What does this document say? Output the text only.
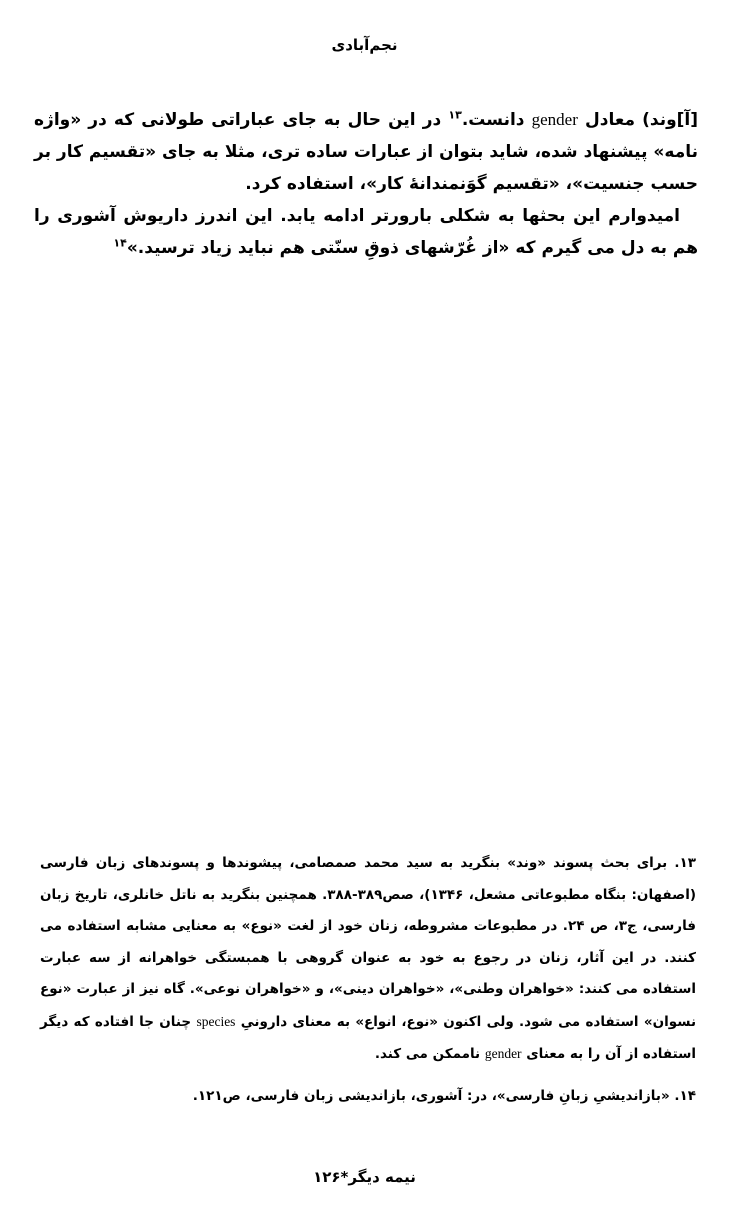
نجم‌آبادی

[آ]وند) معادل gender دانست.$^{۱۳}$ در این حال به جای عباراتی طولانی که در «واژه نامه» پیشنهاد شده، شاید بتوان از عبارات ساده تری، مثلا به جای «تقسیم کار بر حسب جنسیت»، «تقسیم گوَنمندانهٔ کار»، استفاده کرد.

امیدوارم این بحثها به شکلی بارورتر ادامه یابد. این اندرز داریوش آشوری را هم به دل می گیرم که «از غُرّشهای ذوقِ سنّتی هم نباید زیاد ترسید.»$^{۱۴}$

۱۳. برای بحث پسوند «وند» بنگرید به سید محمد صمصامی، پیشوندها و پسوندهای زبان فارسی (اصفهان: بنگاه مطبوعاتی مشعل، ۱۳۴۶)، صص۳۸۹-۳۸۸. همچنین بنگرید به ناتل خانلری، تاریخ زبان فارسی، ج۳، ص ۲۴. در مطبوعات مشروطه، زنان خود از لغت «نوع» به معنایی مشابه استفاده می کنند. در این آثار، زنان در رجوع به خود به عنوان گروهی با همبستگی خواهرانه از سه عبارت استفاده می کنند: «خواهران وطنی»، «خواهران دینی»، و «خواهران نوعی». گاه نیز از عبارت «نوع نسوان» استفاده می شود. ولی اکنون «نوع، انواع» به معنای دارونیِ species چنان جا افتاده که دیگر استفاده از آن را به معنای gender ناممکن می کند.

۱۴. «بازاندیشیِ زبانِ فارسی»، در: آشوری، بازاندیشی زبان فارسی، ص۱۲۱.

نیمه دیگر*۱۲۶
